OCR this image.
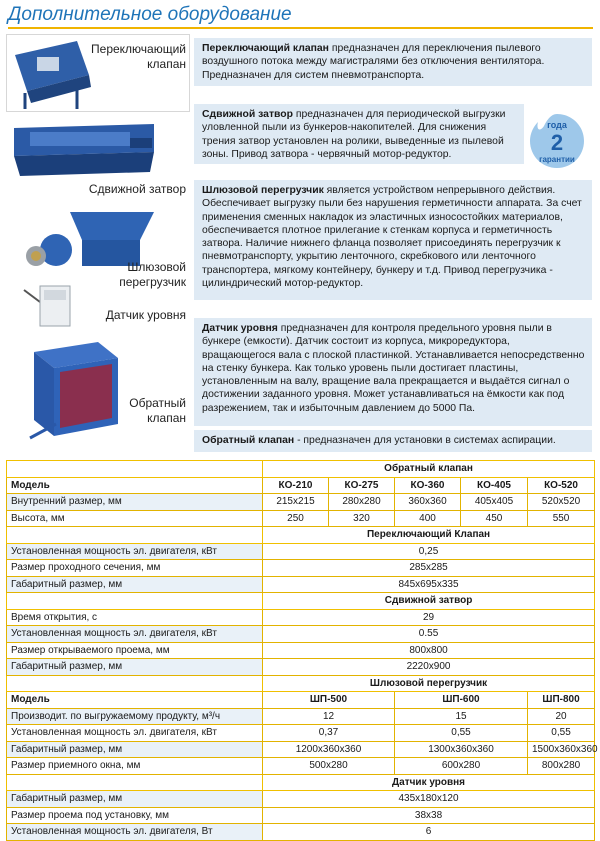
Дополнительное оборудование
Переключающий клапан
Сдвижной затвор
Шлюзовой перегрузчик
Датчик уровня
Обратный клапан
Переключающий клапан предназначен для переключения пылевого воздушного потока между магистралями без отключения вентилятора. Предназначен для систем пневмотранспорта.
Сдвижной затвор предназначен для периодической выгрузки уловленной пыли из бункеров-накопителей. Для снижения трения затвор установлен на ролики, выведенные из пылевой зоны. Привод затвора - червячный мотор-редуктор.
года
2
гарантии
Шлюзовой перегрузчик является устройством непрерывного действия. Обеспечивает выгрузку пыли без нарушения герметичности аппарата. За счет применения сменных накладок из эластичных износостойких материалов, обеспечивается плотное прилегание к стенкам корпуса и герметичность затвора. Наличие нижнего фланца позволяет присоединять перегрузчик к пневмотранспорту, укрытию ленточного, скребкового или ленточного транспортера, мягкому контейнеру, бункеру и т.д. Привод перегрузчика - цилиндрический мотор-редуктор.
Датчик уровня предназначен для контроля предельного уровня пыли в бункере (емкости). Датчик состоит из корпуса, микроредуктора, вращающегося вала с плоской пластинкой. Устанавливается непосредственно на стенку бункера. Как только уровень пыли достигает пластины, установленным на валу, вращение вала прекращается и выдаётся сигнал о достижении заданного уровня. Может устанавливаться на ёмкости как под разрежением, так и избыточным давлением до 5000 Па.
Обратный клапан - предназначен для установки в системах аспирации.
	Обратный клапан				
Модель	КО-210	КО-275	КО-360	КО-405	КО-520
Внутренний размер, мм	215х215	280х280	360х360	405х405	520х520
Высота, мм	250	320	400	450	550
	Переключающий Клапан				
Установленная мощность эл. двигателя, кВт	0,25				
Размер проходного сечения, мм	285х285				
Габаритный размер, мм	845х695х335				
	Сдвижной затвор				
Время открытия, с	29				
Установленная мощность эл. двигателя, кВт	0.55				
Размер открываемого проема, мм	800х800				
Габаритный размер, мм	2220х900				
	Шлюзовой перегрузчик				
Модель	ШП-500		ШП-600		ШП-800
Производит. по выгружаемому продукту, м³/ч	12		15		20
Установленная мощность эл. двигателя, кВт	0,37		0,55		0,55
Габаритный размер, мм	1200х360х360		1300х360х360		1500х360х360
Размер приемного окна, мм	500х280		600х280		800х280
	Датчик уровня				
Габаритный размер, мм	435х180х120				
Размер проема под установку, мм	38х38				
Установленная мощность эл. двигателя, Вт	6				
